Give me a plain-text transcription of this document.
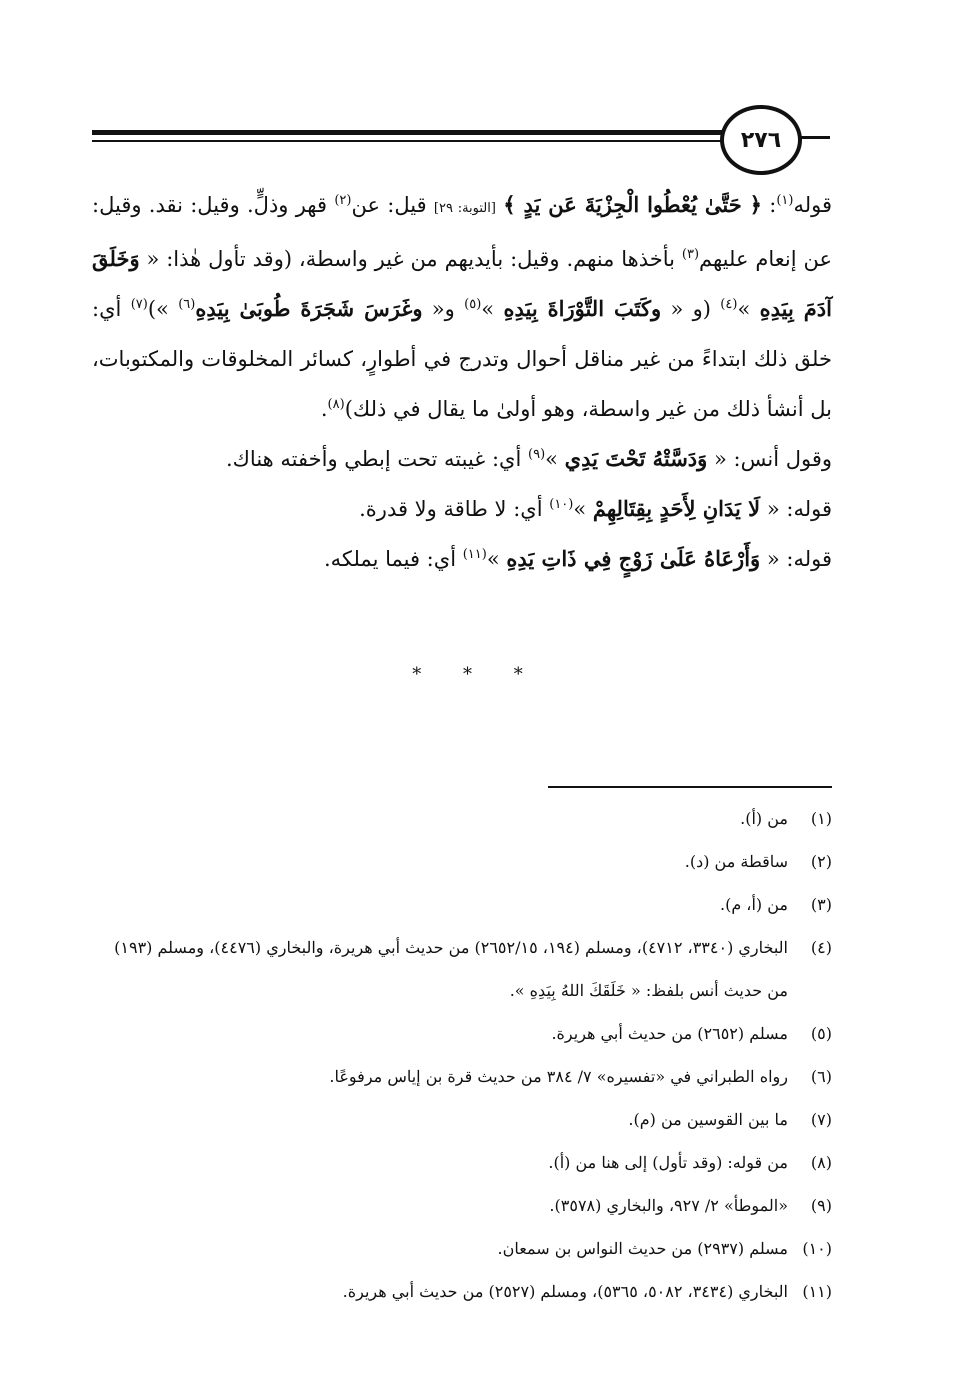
٢٧٦

قوله$^{(١)}$: ﴿ حَتَّىٰ يُعْطُوا الْجِزْيَةَ عَن يَدٍ ﴾ [التوبة: ٢٩] قيل: عن$^{(٢)}$ قهر وذلٍّ. وقيل: نقد. وقيل: عن إنعام عليهم$^{(٣)}$ بأخذها منهم. وقيل: بأيديهم من غير واسطة، (وقد تأول هٰذا: « وَخَلَقَ آدَمَ بِيَدِهِ »$^{(٤)}$ (و « وكَتَبَ التَّوْرَاةَ بِيَدِهِ »$^{(٥)}$ و« وغَرَسَ شَجَرَةَ طُوبَىٰ بِيَدِهِ$^{(٦)}$ »)$^{(٧)}$ أي: خلق ذلك ابتداءً من غير مناقل أحوال وتدرج في أطوارٍ، كسائر المخلوقات والمكتوبات، بل أنشأ ذلك من غير واسطة، وهو أولىٰ ما يقال في ذلك)$^{(٨)}$.

وقول أنس: « وَدَسَّتْهُ تَحْتَ يَدِي »$^{(٩)}$ أي: غيبته تحت إبطي وأخفته هناك.

قوله: « لَا يَدَانِ لِأَحَدٍ بِقِتَالِهِمْ »$^{(١٠)}$ أي: لا طاقة ولا قدرة.

قوله: « وَأَرْعَاهُ عَلَىٰ زَوْجٍ فِي ذَاتِ يَدِهِ »$^{(١١)}$ أي: فيما يملكه.

* * *
(١)
من (أ).
(٢)
ساقطة من (د).
(٣)
من (أ، م).
(٤)
البخاري (٣٣٤٠، ٤٧١٢)، ومسلم (١٩٤، ٢٦٥٢/١٥) من حديث أبي هريرة، والبخاري (٤٤٧٦)، ومسلم (١٩٣) من حديث أنس بلفظ: « خَلَقَكَ اللهُ بِيَدِهِ ».
(٥)
مسلم (٢٦٥٢) من حديث أبي هريرة.
(٦)
رواه الطبراني في «تفسيره» ٧/ ٣٨٤ من حديث قرة بن إياس مرفوعًا.
(٧)
ما بين القوسين من (م).
(٨)
من قوله: (وقد تأول) إلى هنا من (أ).
(٩)
«الموطأ» ٢/ ٩٢٧، والبخاري (٣٥٧٨).
(١٠)
مسلم (٢٩٣٧) من حديث النواس بن سمعان.
(١١)
البخاري (٣٤٣٤، ٥٠٨٢، ٥٣٦٥)، ومسلم (٢٥٢٧) من حديث أبي هريرة.
